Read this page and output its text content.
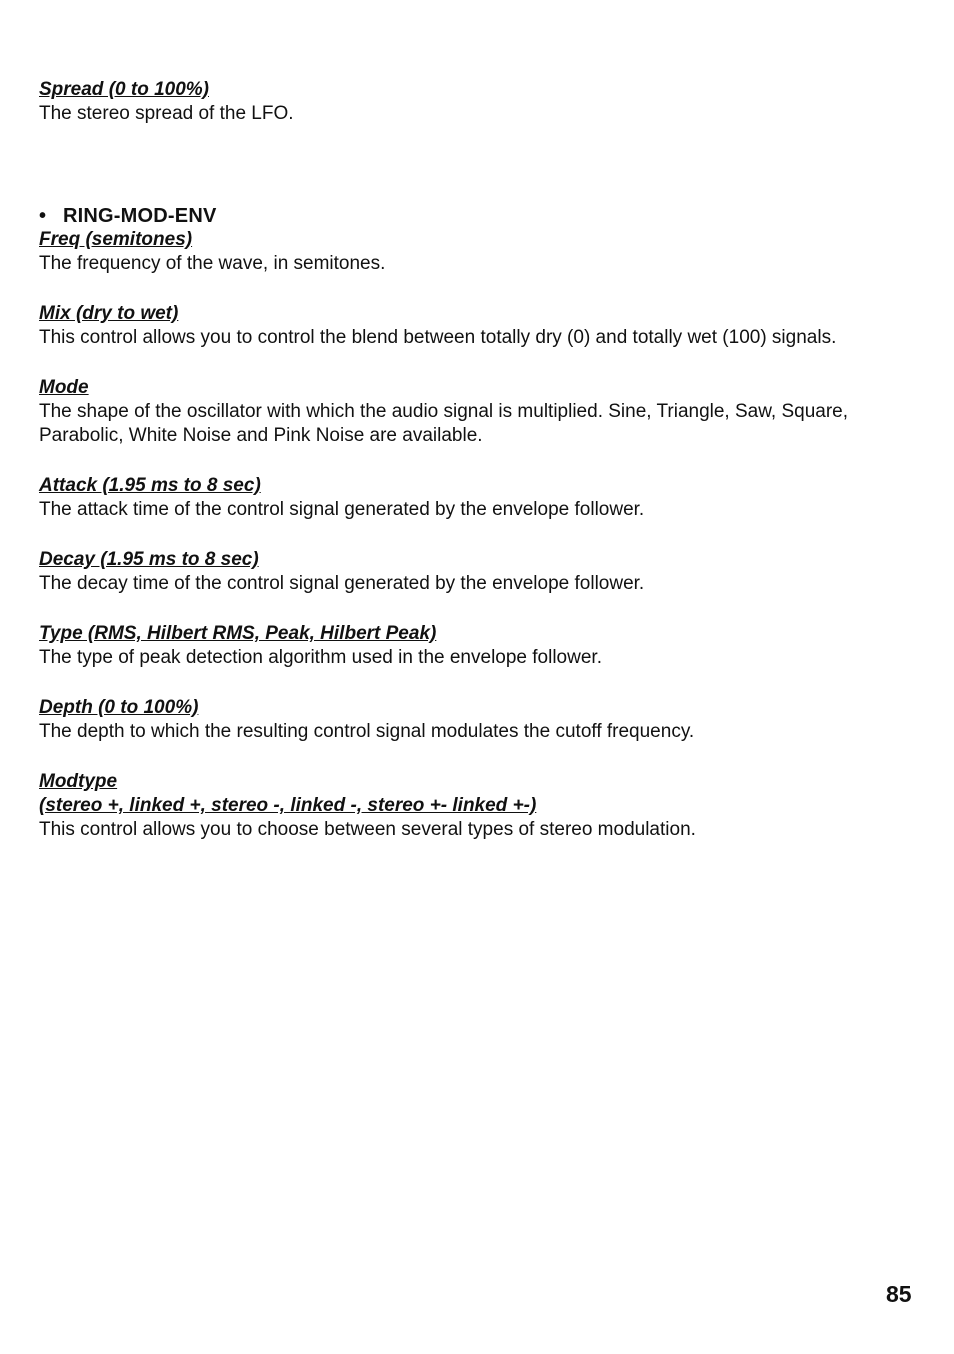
Spread (0 to 100%)

The stereo spread of the LFO.

• RING-MOD-ENV

Freq (semitones)

The frequency of the wave, in semitones.

Mix (dry to wet)

This control allows you to control the blend between totally dry (0) and totally wet (100) signals.

Mode

The shape of the oscillator with which the audio signal is multiplied. Sine, Triangle, Saw, Square, Parabolic, White Noise and Pink Noise are available.

Attack (1.95 ms to 8 sec)

The attack time of the control signal generated by the envelope follower.

Decay (1.95 ms to 8 sec)

The decay time of the control signal generated by the envelope follower.

Type (RMS, Hilbert RMS, Peak, Hilbert Peak)

The type of peak detection algorithm used in the envelope follower.

Depth (0 to 100%)

The depth to which the resulting control signal modulates the cutoff frequency.

Modtype

(stereo +, linked +, stereo -, linked -, stereo +- linked +-)

This control allows you to choose between several types of stereo modulation.

85
